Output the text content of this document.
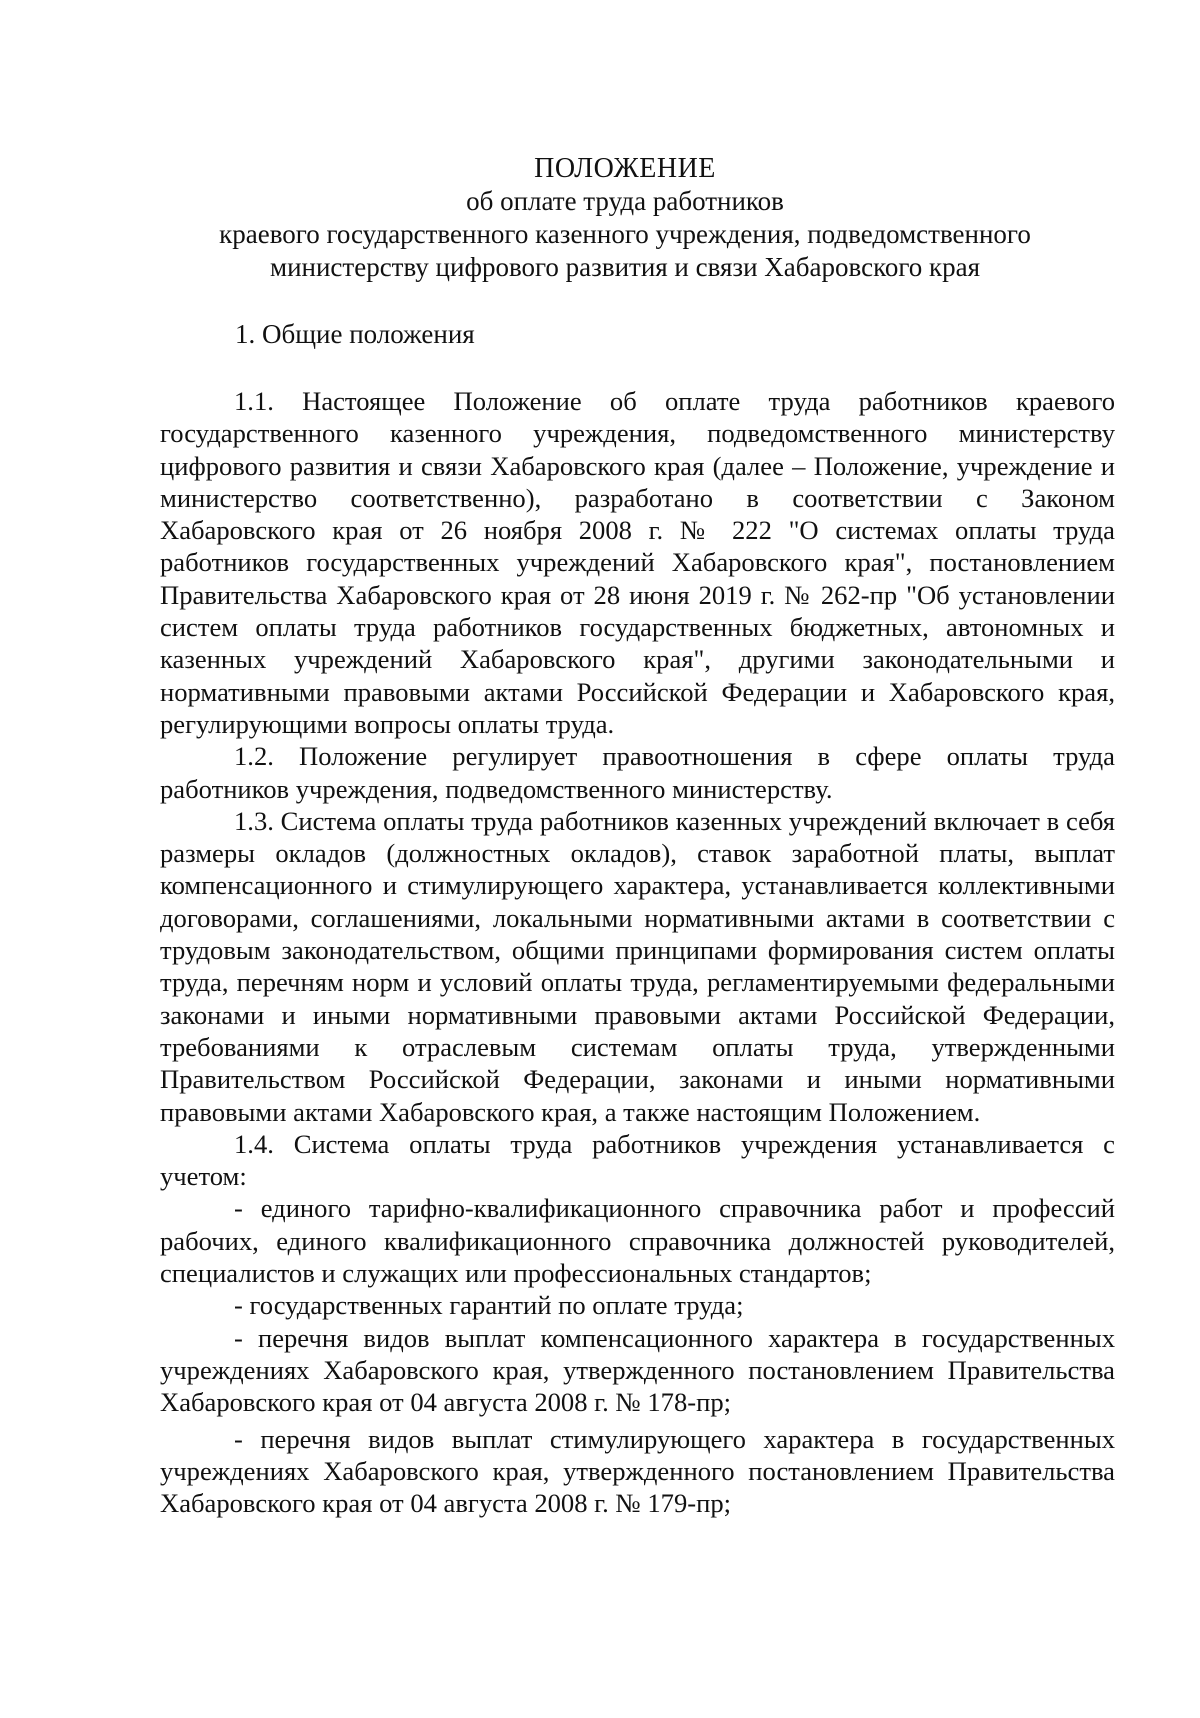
ПОЛОЖЕНИЕ
об оплате труда работников
краевого государственного казенного учреждения, подведомственного
министерству цифрового развития и связи Хабаровского края
1. Общие положения

1.1. Настоящее Положение об оплате труда работников краевого государственного казенного учреждения, подведомственного министерству цифрового развития и связи Хабаровского края (далее – Положение, учреждение и министерство соответственно), разработано в соответствии с Законом Хабаровского края от 26 ноября 2008 г. № 222 "О системах оплаты труда работников государственных учреждений Хабаровского края", постановлением Правительства Хабаровского края от 28 июня 2019 г. № 262-пр "Об установлении систем оплаты труда работников государственных бюджетных, автономных и казенных учреждений Хабаровского края", другими законодательными и нормативными правовыми актами Российской Федерации и Хабаровского края, регулирующими вопросы оплаты труда.

1.2. Положение регулирует правоотношения в сфере оплаты труда работников учреждения, подведомственного министерству.

1.3. Система оплаты труда работников казенных учреждений включает в себя размеры окладов (должностных окладов), ставок заработной платы, выплат компенсационного и стимулирующего характера, устанавливается коллективными договорами, соглашениями, локальными нормативными актами в соответствии с трудовым законодательством, общими принципами формирования систем оплаты труда, перечням норм и условий оплаты труда, регламентируемыми федеральными законами и иными нормативными правовыми актами Российской Федерации, требованиями к отраслевым системам оплаты труда, утвержденными Правительством Российской Федерации, законами и иными нормативными правовыми актами Хабаровского края, а также настоящим Положением.

1.4. Система оплаты труда работников учреждения устанавливается с учетом:

- единого тарифно-квалификационного справочника работ и профессий рабочих, единого квалификационного справочника должностей руководителей, специалистов и служащих или профессиональных стандартов;

- государственных гарантий по оплате труда;

- перечня видов выплат компенсационного характера в государственных учреждениях Хабаровского края, утвержденного постановлением Правительства Хабаровского края от 04 августа 2008 г. № 178-пр;

- перечня видов выплат стимулирующего характера в государственных учреждениях Хабаровского края, утвержденного постановлением Правительства Хабаровского края от 04 августа 2008 г. № 179-пр;
